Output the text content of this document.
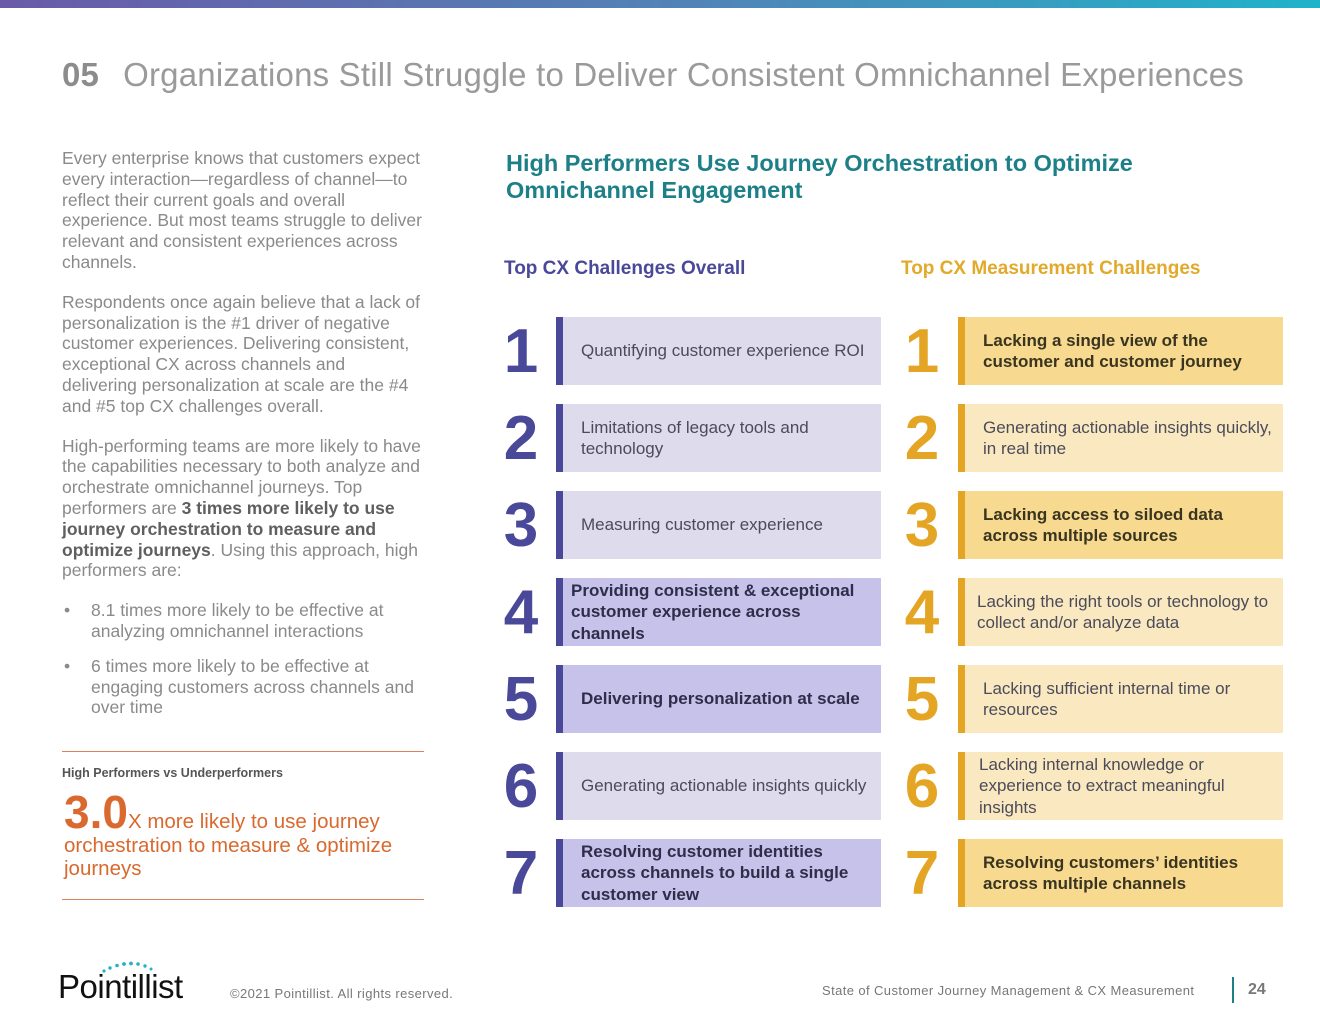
05 Organizations Still Struggle to Deliver Consistent Omnichannel Experiences

Every enterprise knows that customers expect every interaction—regardless of channel—to reflect their current goals and overall experience. But most teams struggle to deliver relevant and consistent experiences across channels.

Respondents once again believe that a lack of personalization is the #1 driver of negative customer experiences. Delivering consistent, exceptional CX across channels and delivering personalization at scale are the #4 and #5 top CX challenges overall.

High-performing teams are more likely to have the capabilities necessary to both analyze and orchestrate omnichannel journeys. Top performers are 3 times more likely to use journey orchestration to measure and optimize journeys. Using this approach, high performers are:

• 8.1 times more likely to be effective at analyzing omnichannel interactions
• 6 times more likely to be effective at engaging customers across channels and over time
High Performers vs Underperformers
3.0X more likely to use journey orchestration to measure & optimize journeys
High Performers Use Journey Orchestration to Optimize Omnichannel Engagement
Top CX Challenges Overall	Top CX Measurement Challenges
1	Quantifying customer experience ROI
2	Limitations of legacy tools and technology
3	Measuring customer experience
4 Providing consistent & exceptional customer experience across channels
5	Delivering personalization at scale
6	Generating actionable insights quickly
7	Resolving customer identities across channels to build a single customer view
1	Lacking a single view of the customer and customer journey
2	Generating actionable insights quickly, in real time
3	Lacking access to siloed data across multiple sources
4 Lacking the right tools or technology to collect and/or analyze data
5	Lacking sufficient internal time or resources
6 Lacking internal knowledge or experience to extract meaningful insights
7	Resolving customers’ identities across multiple channels
Pointillist	©2021 Pointillist. All rights reserved.	State of Customer Journey Management & CX Measurement	24
